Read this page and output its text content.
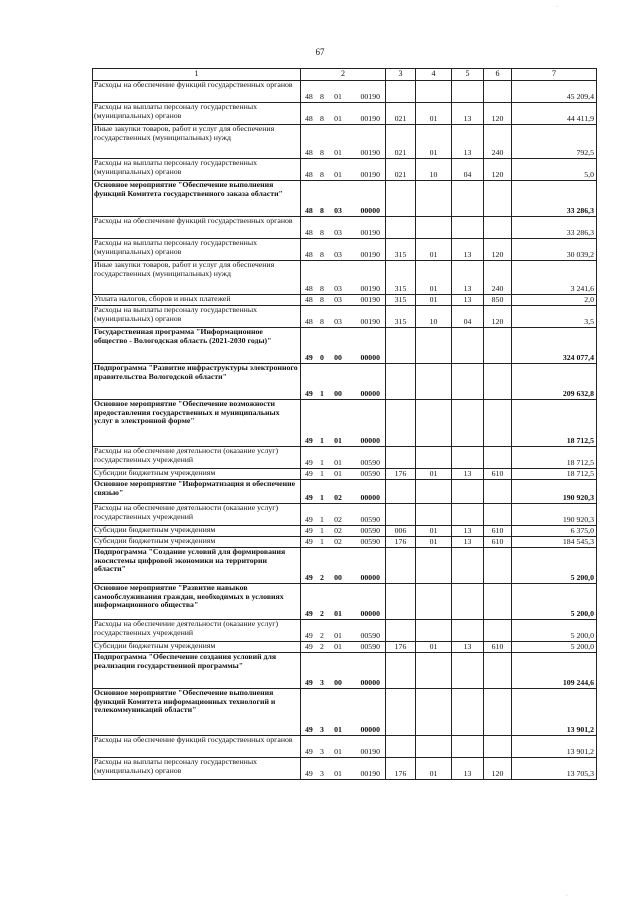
67
1	2	3	4	5	6	7
Расходы на обеспечение функций государственных органов	48 8 01 00190					45 209,4
Расходы на выплаты персоналу государственных (муниципальных) органов	48 8 01 00190	021	01	13	120	44 411,9
Иные закупки товаров, работ и услуг для обеспечения государственных (муниципальных) нужд	48 8 01 00190	021	01	13	240	792,5
Расходы на выплаты персоналу государственных (муниципальных) органов	48 8 01 00190	021	10	04	120	5,0
Основное мероприятие "Обеспечение выполнения функций Комитета государственного заказа области"	48 8 03 00000					33 286,3
Расходы на обеспечение функций государственных органов	48 8 03 00190					33 286,3
Расходы на выплаты персоналу государственных (муниципальных) органов	48 8 03 00190	315	01	13	120	30 039,2
Иные закупки товаров, работ и услуг для обеспечения государственных (муниципальных) нужд	48 8 03 00190	315	01	13	240	3 241,6
Уплата налогов, сборов и иных платежей	48 8 03 00190	315	01	13	850	2,0
Расходы на выплаты персоналу государственных (муниципальных) органов	48 8 03 00190	315	10	04	120	3,5
Государственная программа "Информационное общество - Вологодская область (2021-2030 годы)"	49 0 00 00000					324 077,4
Подпрограмма "Развитие инфраструктуры электронного правительства Вологодской области"	49 1 00 00000					209 632,8
Основное мероприятие "Обеспечение возможности предоставления государственных и муниципальных услуг в электронной форме"	49 1 01 00000					18 712,5
Расходы на обеспечение деятельности (оказание услуг) государственных учреждений	49 1 01 00590					18 712,5
Субсидии бюджетным учреждениям	49 1 01 00590	176	01	13	610	18 712,5
Основное мероприятие "Информатизация и обеспечение связью"	49 1 02 00000					190 920,3
Расходы на обеспечение деятельности (оказание услуг) государственных учреждений	49 1 02 00590					190 920,3
Субсидии бюджетным учреждениям	49 1 02 00590	006	01	13	610	6 375,0
Субсидии бюджетным учреждениям	49 1 02 00590	176	01	13	610	184 545,3
Подпрограмма "Создание условий для формирования экосистемы цифровой экономики на территории области"	49 2 00 00000					5 200,0
Основное мероприятие "Развитие навыков самообслуживания граждан, необходимых в условиях информационного общества"	49 2 01 00000					5 200,0
Расходы на обеспечение деятельности (оказание услуг) государственных учреждений	49 2 01 00590					5 200,0
Субсидии бюджетным учреждениям	49 2 01 00590	176	01	13	610	5 200,0
Подпрограмма "Обеспечение создания условий для реализации государственной программы"	49 3 00 00000					109 244,6
Основное мероприятие "Обеспечение выполнения функций Комитета информационных технологий и телекоммуникаций области"	49 3 01 00000					13 901,2
Расходы на обеспечение функций государственных органов	49 3 01 00190					13 901,2
Расходы на выплаты персоналу государственных (муниципальных) органов	49 3 01 00190	176	01	13	120	13 705,3
·
·
